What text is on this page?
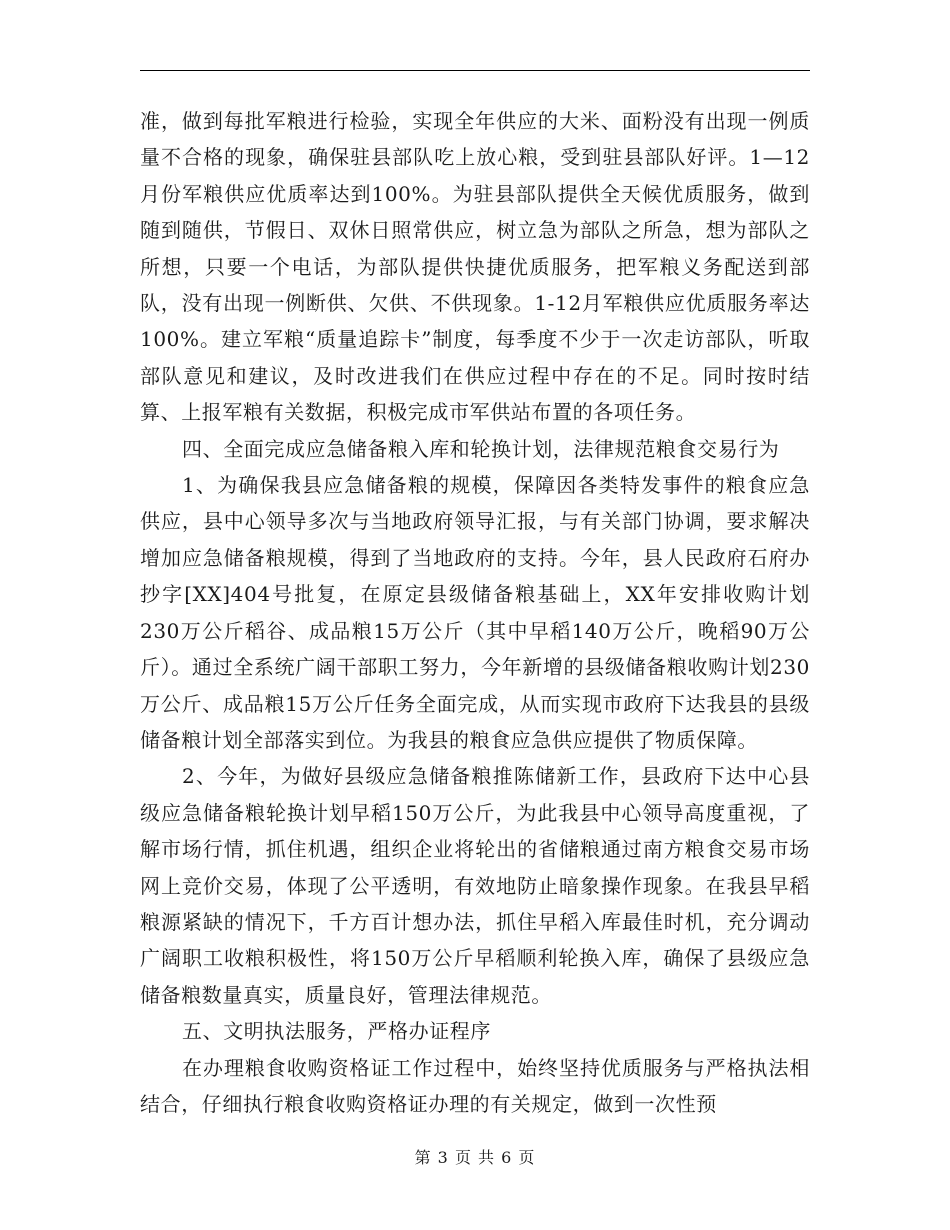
准，做到每批军粮进行检验，实现全年供应的大米、面粉没有出现一例质量不合格的现象，确保驻县部队吃上放心粮，受到驻县部队好评。1—12月份军粮供应优质率达到100%。为驻县部队提供全天候优质服务，做到随到随供，节假日、双休日照常供应，树立急为部队之所急，想为部队之所想，只要一个电话，为部队提供快捷优质服务，把军粮义务配送到部队，没有出现一例断供、欠供、不供现象。1-12月军粮供应优质服务率达100%。建立军粮“质量追踪卡”制度，每季度不少于一次走访部队，听取部队意见和建议，及时改进我们在供应过程中存在的不足。同时按时结算、上报军粮有关数据，积极完成市军供站布置的各项任务。

四、全面完成应急储备粮入库和轮换计划，法律规范粮食交易行为

1、为确保我县应急储备粮的规模，保障因各类特发事件的粮食应急供应，县中心领导多次与当地政府领导汇报，与有关部门协调，要求解决增加应急储备粮规模，得到了当地政府的支持。今年，县人民政府石府办抄字[XX]404号批复，在原定县级储备粮基础上，XX年安排收购计划230万公斤稻谷、成品粮15万公斤（其中早稻140万公斤，晚稻90万公斤）。通过全系统广阔干部职工努力，今年新增的县级储备粮收购计划230万公斤、成品粮15万公斤任务全面完成，从而实现市政府下达我县的县级储备粮计划全部落实到位。为我县的粮食应急供应提供了物质保障。

2、今年，为做好县级应急储备粮推陈储新工作，县政府下达中心县级应急储备粮轮换计划早稻150万公斤，为此我县中心领导高度重视，了解市场行情，抓住机遇，组织企业将轮出的省储粮通过南方粮食交易市场网上竞价交易，体现了公平透明，有效地防止暗象操作现象。在我县早稻粮源紧缺的情况下，千方百计想办法，抓住早稻入库最佳时机，充分调动广阔职工收粮积极性，将150万公斤早稻顺利轮换入库，确保了县级应急储备粮数量真实，质量良好，管理法律规范。

五、文明执法服务，严格办证程序

在办理粮食收购资格证工作过程中，始终坚持优质服务与严格执法相结合，仔细执行粮食收购资格证办理的有关规定，做到一次性预

第 3 页 共 6 页
